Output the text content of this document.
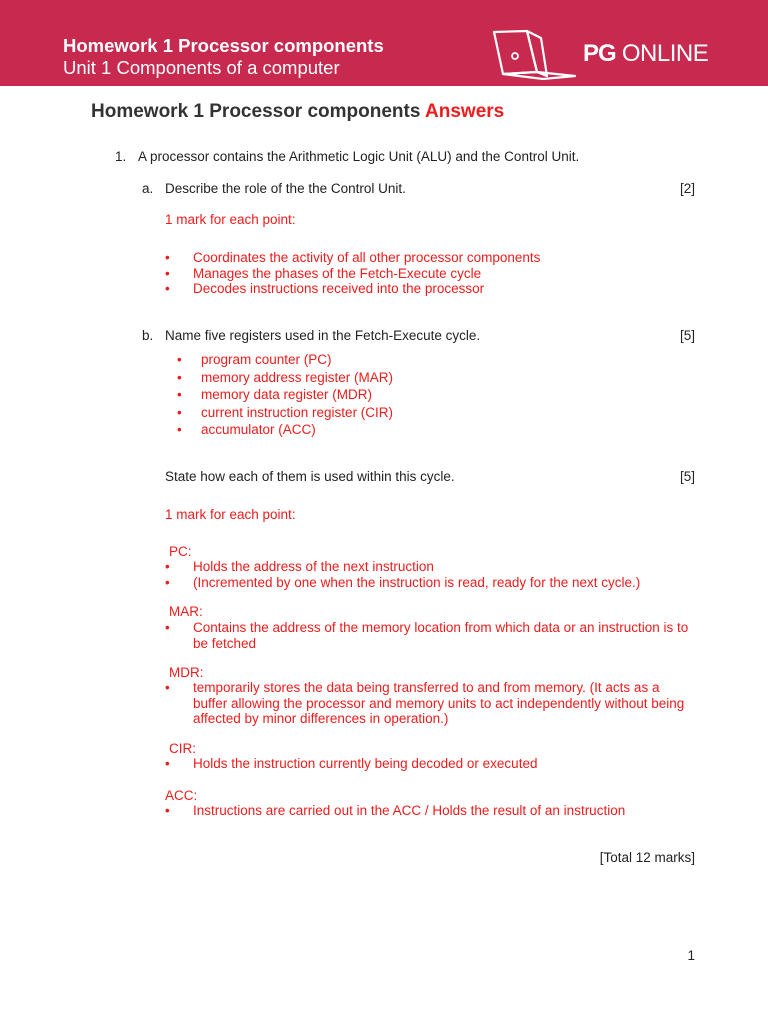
Homework 1 Processor components
Unit 1 Components of a computer
PG ONLINE
Homework 1 Processor components Answers
1. A processor contains the Arithmetic Logic Unit (ALU) and the Control Unit.
a. Describe the role of the the Control Unit.	[2]
1 mark for each point:
• Coordinates the activity of all other processor components
• Manages the phases of the Fetch-Execute cycle
• Decodes instructions received into the processor
b. Name five registers used in the Fetch-Execute cycle.	[5]
• program counter (PC)
• memory address register (MAR)
• memory data register (MDR)
• current instruction register (CIR)
• accumulator (ACC)
State how each of them is used within this cycle.	[5]
1 mark for each point:
PC:
• Holds the address of the next instruction
• (Incremented by one when the instruction is read, ready for the next cycle.)
MAR:
• Contains the address of the memory location from which data or an instruction is to be fetched
MDR:
• temporarily stores the data being transferred to and from memory. (It acts as a buffer allowing the processor and memory units to act independently without being affected by minor differences in operation.)
CIR:
• Holds the instruction currently being decoded or executed
ACC:
• Instructions are carried out in the ACC / Holds the result of an instruction
[Total 12 marks]
1
